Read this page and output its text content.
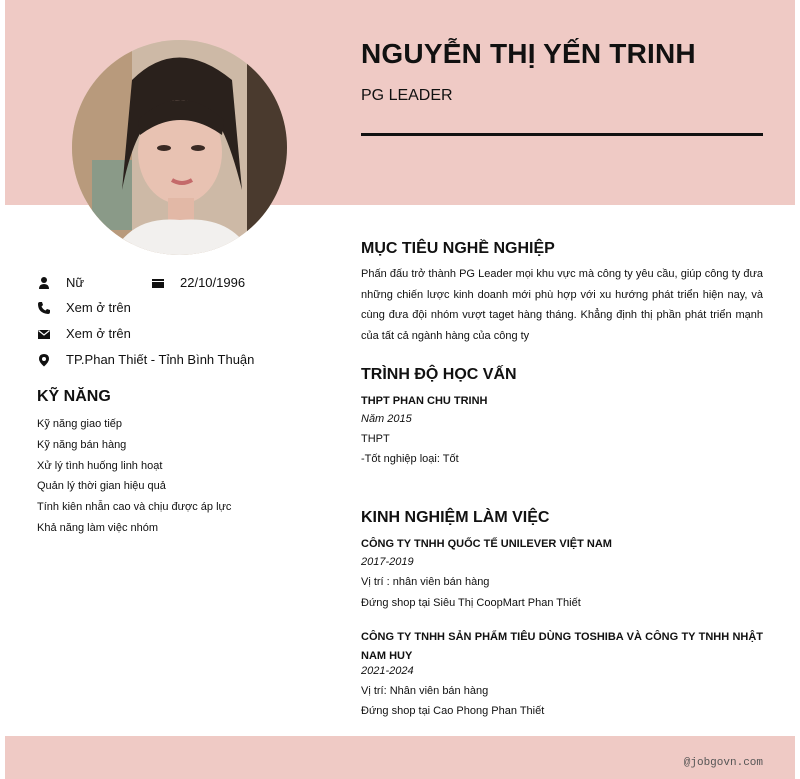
NGUYỄN THỊ YẾN TRINH

PG LEADER

Nữ	22/10/1996
Xem ở trên
Xem ở trên
TP.Phan Thiết - Tỉnh Bình Thuận
KỸ NĂNG
Kỹ năng giao tiếp
Kỹ năng bán hàng
Xử lý tình huống linh hoạt
Quản lý thời gian hiệu quả
Tính kiên nhẫn cao và chịu được áp lực
Khả năng làm việc nhóm
MỤC TIÊU NGHỀ NGHIỆP

Phấn đấu trở thành PG Leader mọi khu vực mà công ty yêu cầu, giúp công ty đưa những chiến lược kinh doanh mới phù hợp với xu hướng phát triển hiện nay, và cùng đưa đội nhóm vượt taget hàng tháng. Khẳng định thị phần phát triển mạnh của tất cả ngành hàng của công ty

TRÌNH ĐỘ HỌC VẤN

THPT PHAN CHU TRINH

Năm 2015

THPT

-Tốt nghiệp loại: Tốt

KINH NGHIỆM LÀM VIỆC

CÔNG TY TNHH QUỐC TẾ UNILEVER VIỆT NAM

2017-2019

Vị trí : nhân viên bán hàng

Đứng shop tại Siêu Thị CoopMart Phan Thiết

CÔNG TY TNHH SẢN PHẨM TIÊU DÙNG TOSHIBA VÀ CÔNG TY TNHH NHẬT NAM HUY

2021-2024

Vị trí: Nhân viên bán hàng

Đứng shop tại Cao Phong Phan Thiết

@jobgovn.com
